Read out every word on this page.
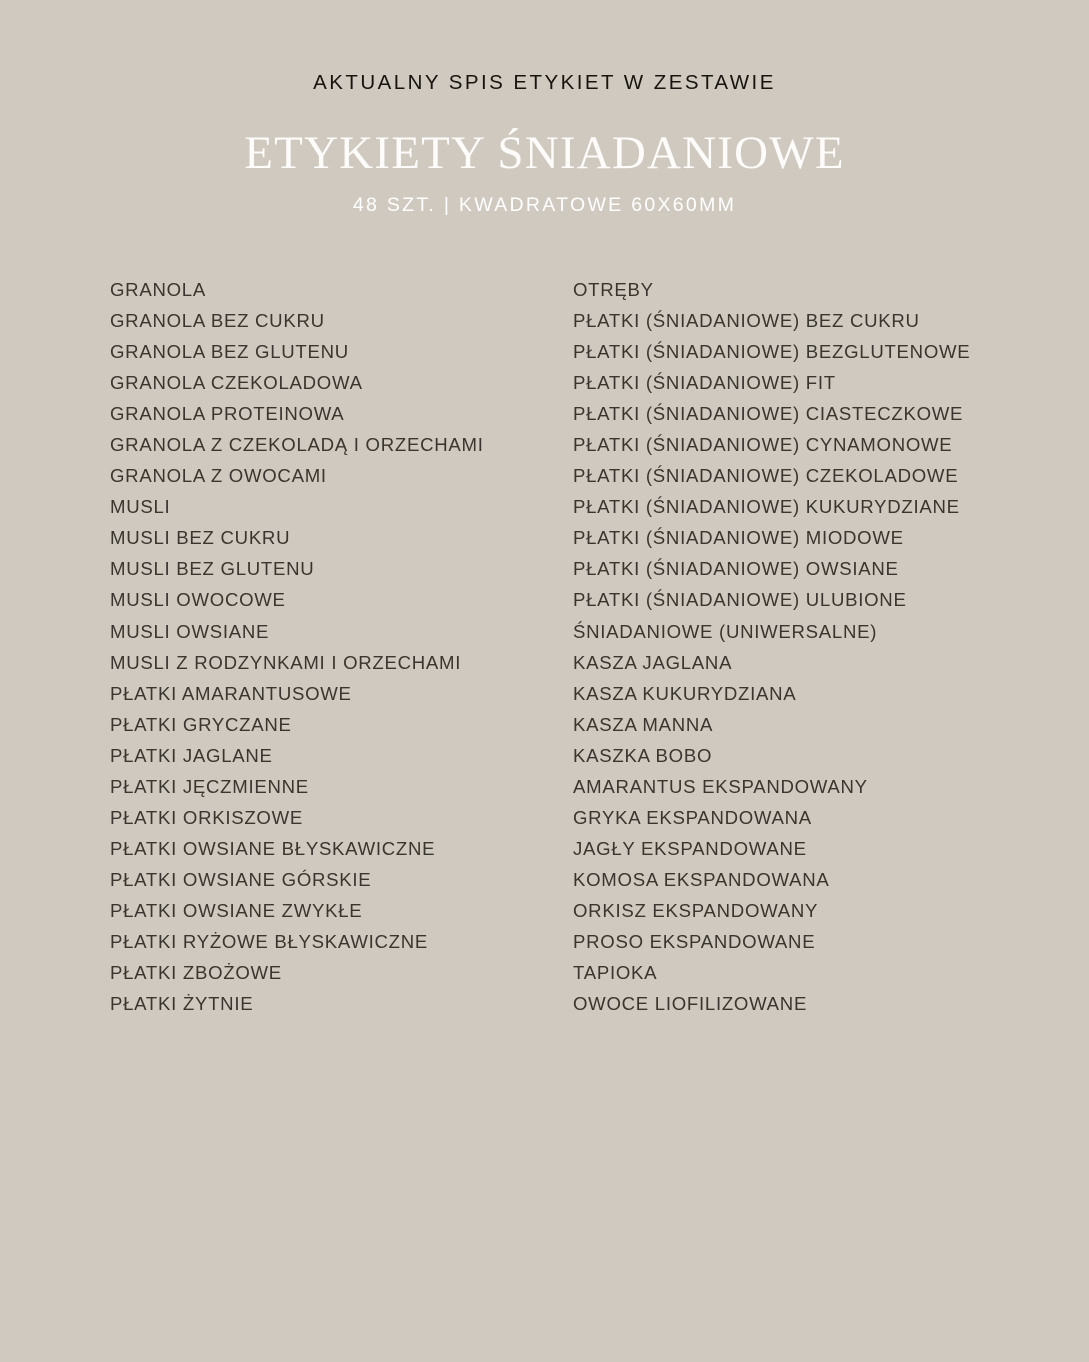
AKTUALNY SPIS ETYKIET W ZESTAWIE

ETYKIETY ŚNIADANIOWE

48 SZT. | KWADRATOWE 60X60MM

GRANOLA
GRANOLA BEZ CUKRU
GRANOLA BEZ GLUTENU
GRANOLA CZEKOLADOWA
GRANOLA PROTEINOWA
GRANOLA Z CZEKOLADĄ I ORZECHAMI
GRANOLA Z OWOCAMI
MUSLI
MUSLI BEZ CUKRU
MUSLI BEZ GLUTENU
MUSLI OWOCOWE
MUSLI OWSIANE
MUSLI Z RODZYNKAMI I ORZECHAMI
PŁATKI AMARANTUSOWE
PŁATKI GRYCZANE
PŁATKI JAGLANE
PŁATKI JĘCZMIENNE
PŁATKI ORKISZOWE
PŁATKI OWSIANE BŁYSKAWICZNE
PŁATKI OWSIANE GÓRSKIE
PŁATKI OWSIANE ZWYKŁE
PŁATKI RYŻOWE BŁYSKAWICZNE
PŁATKI ZBOŻOWE
PŁATKI ŻYTNIE
OTRĘBY
PŁATKI (ŚNIADANIOWE) BEZ CUKRU
PŁATKI (ŚNIADANIOWE) BEZGLUTENOWE
PŁATKI (ŚNIADANIOWE) FIT
PŁATKI (ŚNIADANIOWE) CIASTECZKOWE
PŁATKI (ŚNIADANIOWE) CYNAMONOWE
PŁATKI (ŚNIADANIOWE) CZEKOLADOWE
PŁATKI (ŚNIADANIOWE) KUKURYDZIANE
PŁATKI (ŚNIADANIOWE) MIODOWE
PŁATKI (ŚNIADANIOWE) OWSIANE
PŁATKI (ŚNIADANIOWE) ULUBIONE
ŚNIADANIOWE (UNIWERSALNE)
KASZA JAGLANA
KASZA KUKURYDZIANA
KASZA MANNA
KASZKA BOBO
AMARANTUS EKSPANDOWANY
GRYKA EKSPANDOWANA
JAGŁY EKSPANDOWANE
KOMOSA EKSPANDOWANA
ORKISZ EKSPANDOWANY
PROSO EKSPANDOWANE
TAPIOKA
OWOCE LIOFILIZOWANE
